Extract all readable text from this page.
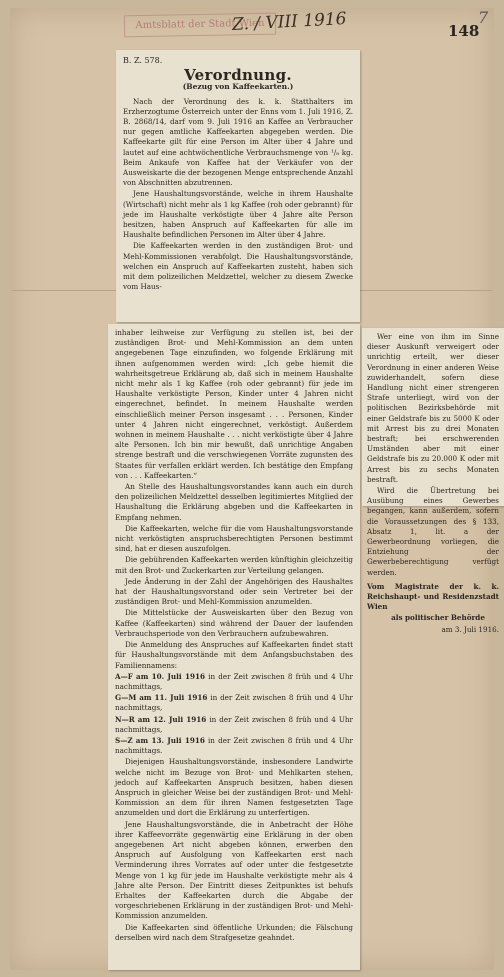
Amtsblatt der Stadt Wien
Z. / VIII 1916	148
7
B. Z. 578.
Verordnung.
(Bezug von Kaffeekarten.)

Nach der Verordnung des k. k. Statthalters im Erzherzogtume Österreich unter der Enns vom 1. Juli 1916, Z. B. 2868/14, darf vom 9. Juli 1916 an Kaffee an Verbraucher nur gegen amtliche Kaffeekarten abgegeben werden. Die Kaffeekarte gilt für eine Person im Alter über 4 Jahre und lautet auf eine achtwöchentliche Verbrauchsmenge von ¹/₈ kg. Beim Ankaufe von Kaffee hat der Verkäufer von der Ausweiskarte die der bezogenen Menge entsprechende Anzahl von Abschnitten abzutrennen.

Jene Haushaltungsvorstände, welche in ihrem Haushalte (Wirtschaft) nicht mehr als 1 kg Kaffee (roh oder gebrannt) für jede im Haushalte verköstigte über 4 Jahre alte Person besitzen, haben Anspruch auf Kaffeekarten für alle im Haushalte befindlichen Personen im Alter über 4 Jahre.

Die Kaffeekarten werden in den zuständigen Brot- und Mehl-Kommissionen verabfolgt. Die Haushaltungsvorstände, welchen ein Anspruch auf Kaffeekarten zusteht, haben sich mit dem polizeilichen Meldzettel, welcher zu diesem Zwecke vom Haus-

inhaber leihweise zur Verfügung zu stellen ist, bei der zuständigen Brot- und Mehl-Kommission an dem unten angegebenen Tage einzufinden, wo folgende Erklärung mit ihnen aufgenommen werden wird: „Ich gebe hiemit die wahrheitsgetreue Erklärung ab, daß sich in meinem Haushalte nicht mehr als 1 kg Kaffee (roh oder gebrannt) für jede im Haushalte verköstigte Person, Kinder unter 4 Jahren nicht eingerechnet, befindet. In meinem Haushalte werden einschließlich meiner Person insgesamt . . . Personen, Kinder unter 4 Jahren nicht eingerechnet, verköstigt. Außerdem wohnen in meinem Haushalte . . . nicht verköstigte über 4 Jahre alte Personen. Ich bin mir bewußt, daß unrichtige Angaben strenge bestraft und die verschwiegenen Vorräte zugunsten des Staates für verfallen erklärt werden. Ich bestätige den Empfang von . . . Kaffeekarten.“

An Stelle des Haushaltungsvorstandes kann auch ein durch den polizeilichen Meldzettel desselben legitimiertes Mitglied der Haushaltung die Erklärung abgeben und die Kaffeekarten in Empfang nehmen.

Die Kaffeekarten, welche für die vom Haushaltungsvorstande nicht verköstigten anspruchsberechtigten Personen bestimmt sind, hat er diesen auszufolgen.

Die gebührenden Kaffeekarten werden künftighin gleichzeitig mit den Brot- und Zuckerkarten zur Verteilung gelangen.

Jede Änderung in der Zahl der Angehörigen des Haushaltes hat der Haushaltungsvorstand oder sein Vertreter bei der zuständigen Brot- und Mehl-Kommission anzumelden.

Die Mittelstücke der Ausweiskarten über den Bezug von Kaffee (Kaffeekarten) sind während der Dauer der laufenden Verbrauchsperiode von den Verbrauchern aufzubewahren.

Die Anmeldung des Anspruches auf Kaffeekarten findet statt für Haushaltungsvorstände mit dem Anfangsbuchstaben des Familiennamens:

A—F am 10. Juli 1916 in der Zeit zwischen 8 früh und 4 Uhr nachmittags,

G—M am 11. Juli 1916 in der Zeit zwischen 8 früh und 4 Uhr nachmittags,

N—R am 12. Juli 1916 in der Zeit zwischen 8 früh und 4 Uhr nachmittags,

S—Z am 13. Juli 1916 in der Zeit zwischen 8 früh und 4 Uhr nachmittags.

Diejenigen Haushaltungsvorstände, insbesondere Landwirte welche nicht im Bezuge von Brot- und Mehlkarten stehen, jedoch auf Kaffeekarten Anspruch besitzen, haben diesen Anspruch in gleicher Weise bei der zuständigen Brot- und Mehl-Kommission an dem für ihren Namen festgesetzten Tage anzumelden und dort die Erklärung zu unterfertigen.

Jene Haushaltungsvorstände, die in Anbetracht der Höhe ihrer Kaffeevorräte gegenwärtig eine Erklärung in der oben angegebenen Art nicht abgeben können, erwerben den Anspruch auf Ausfolgung von Kaffeekarten erst nach Verminderung ihres Vorrates auf oder unter die festgesetzte Menge von 1 kg für jede im Haushalte verköstigte mehr als 4 Jahre alte Person. Der Eintritt dieses Zeitpunktes ist behufs Erhaltes der Kaffeekarten durch die Abgabe der vorgeschriebenen Erklärung in der zuständigen Brot- und Mehl-Kommission anzumelden.

Die Kaffeekarten sind öffentliche Urkunden; die Fälschung derselben wird nach dem Strafgesetze geahndet.

Wer eine von ihm im Sinne dieser Auskunft verweigert oder unrichtig erteilt, wer dieser Verordnung in einer anderen Weise zuwiderhandelt, sofern diese Handlung nicht einer strengeren Strafe unterliegt, wird von der politischen Bezirksbehörde mit einer Geldstrafe bis zu 5000 K oder mit Arrest bis zu drei Monaten bestraft; bei erschwerenden Umständen aber mit einer Geldstrafe bis zu 20.000 K oder mit Arrest bis zu sechs Monaten bestraft.

Wird die Übertretung bei Ausübung eines Gewerbes begangen, kann außerdem, sofern die Voraussetzungen des § 133, Absatz 1, lit. a der Gewerbeordnung vorliegen, die Entziehung der Gewerbeberechtigung verfügt werden.

Vom Magistrate der k. k. Reichshaupt- und Residenzstadt Wien

als politischer Behörde

am 3. Juli 1916.
